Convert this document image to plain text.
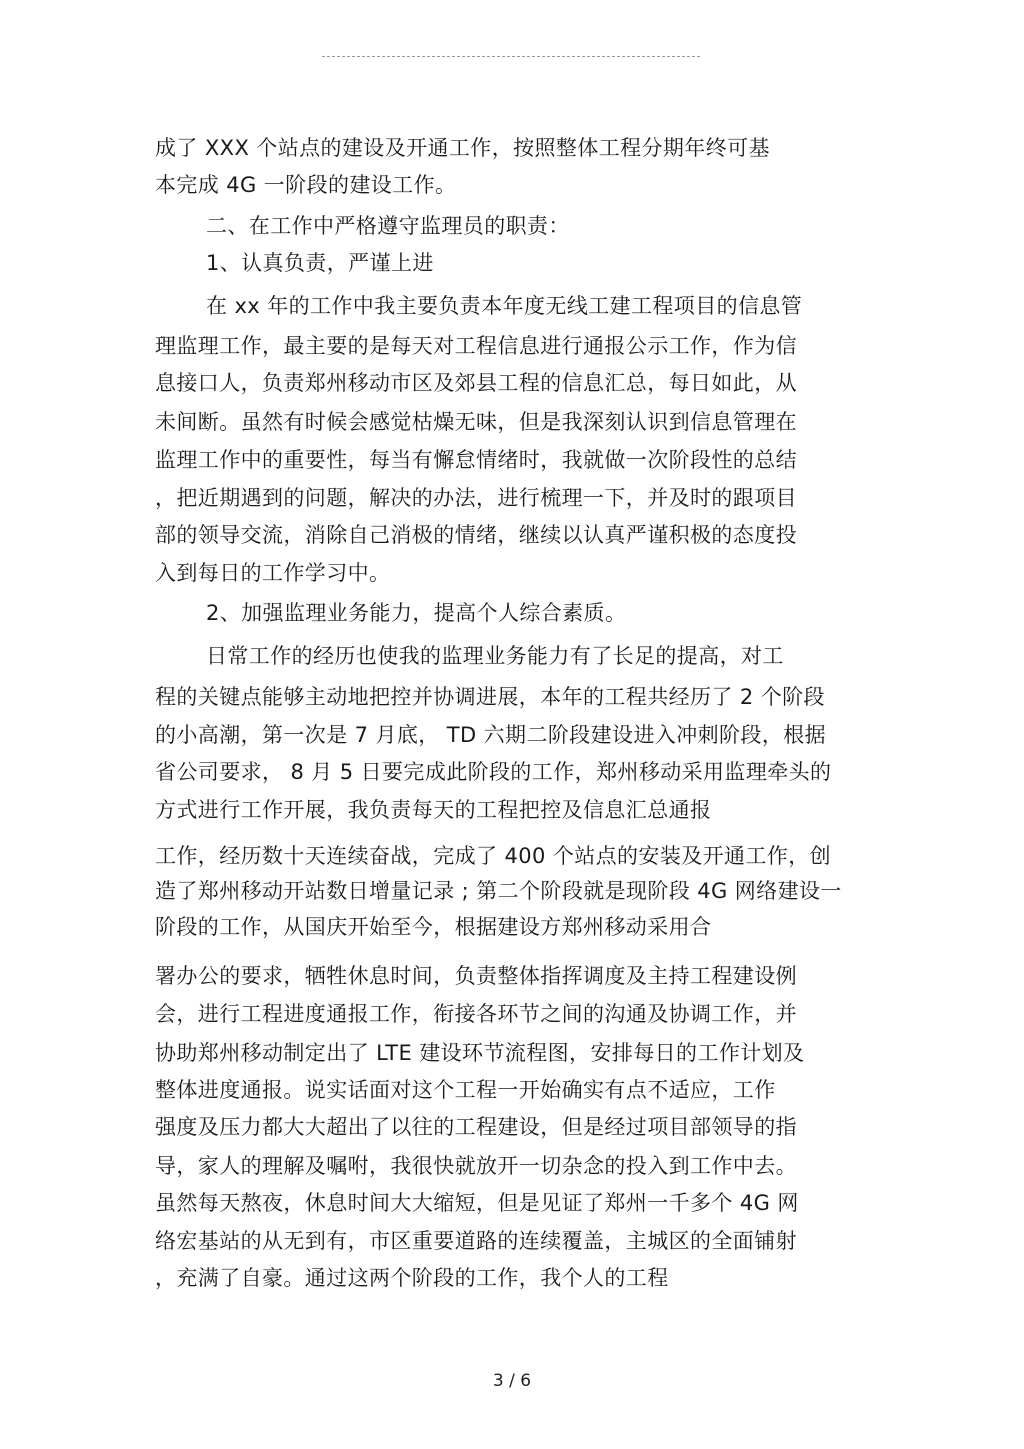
成了 XXX 个站点的建设及开通工作，按照整体工程分期年终可基
本完成 4G 一阶段的建设工作。
二、在工作中严格遵守监理员的职责：
1、认真负责，严谨上进
在 xx 年的工作中我主要负责本年度无线工建工程项目的信息管
理监理工作，最主要的是每天对工程信息进行通报公示工作，作为信
息接口人，负责郑州移动市区及郊县工程的信息汇总，每日如此，从
未间断。虽然有时候会感觉枯燥无味，但是我深刻认识到信息管理在
监理工作中的重要性，每当有懈怠情绪时，我就做一次阶段性的总结
，把近期遇到的问题，解决的办法，进行梳理一下，并及时的跟项目
部的领导交流，消除自己消极的情绪，继续以认真严谨积极的态度投
入到每日的工作学习中。
2、加强监理业务能力，提高个人综合素质。
日常工作的经历也使我的监理业务能力有了长足的提高，对工
程的关键点能够主动地把控并协调进展，本年的工程共经历了 2 个阶段
的小高潮，第一次是 7 月底， TD 六期二阶段建设进入冲刺阶段，根据
省公司要求， 8 月 5 日要完成此阶段的工作，郑州移动采用监理牵头的
方式进行工作开展，我负责每天的工程把控及信息汇总通报
工作，经历数十天连续奋战，完成了 400 个站点的安装及开通工作，创
造了郑州移动开站数日增量记录 ; 第二个阶段就是现阶段 4G 网络建设一
阶段的工作，从国庆开始至今，根据建设方郑州移动采用合
署办公的要求，牺牲休息时间，负责整体指挥调度及主持工程建设例
会，进行工程进度通报工作，衔接各环节之间的沟通及协调工作，并
协助郑州移动制定出了 LTE 建设环节流程图，安排每日的工作计划及
整体进度通报。说实话面对这个工程一开始确实有点不适应，工作
强度及压力都大大超出了以往的工程建设，但是经过项目部领导的指
导，家人的理解及嘱咐，我很快就放开一切杂念的投入到工作中去。
虽然每天熬夜，休息时间大大缩短，但是见证了郑州一千多个 4G 网
络宏基站的从无到有，市区重要道路的连续覆盖，主城区的全面铺射
，充满了自豪。通过这两个阶段的工作，我个人的工程
3 / 6
